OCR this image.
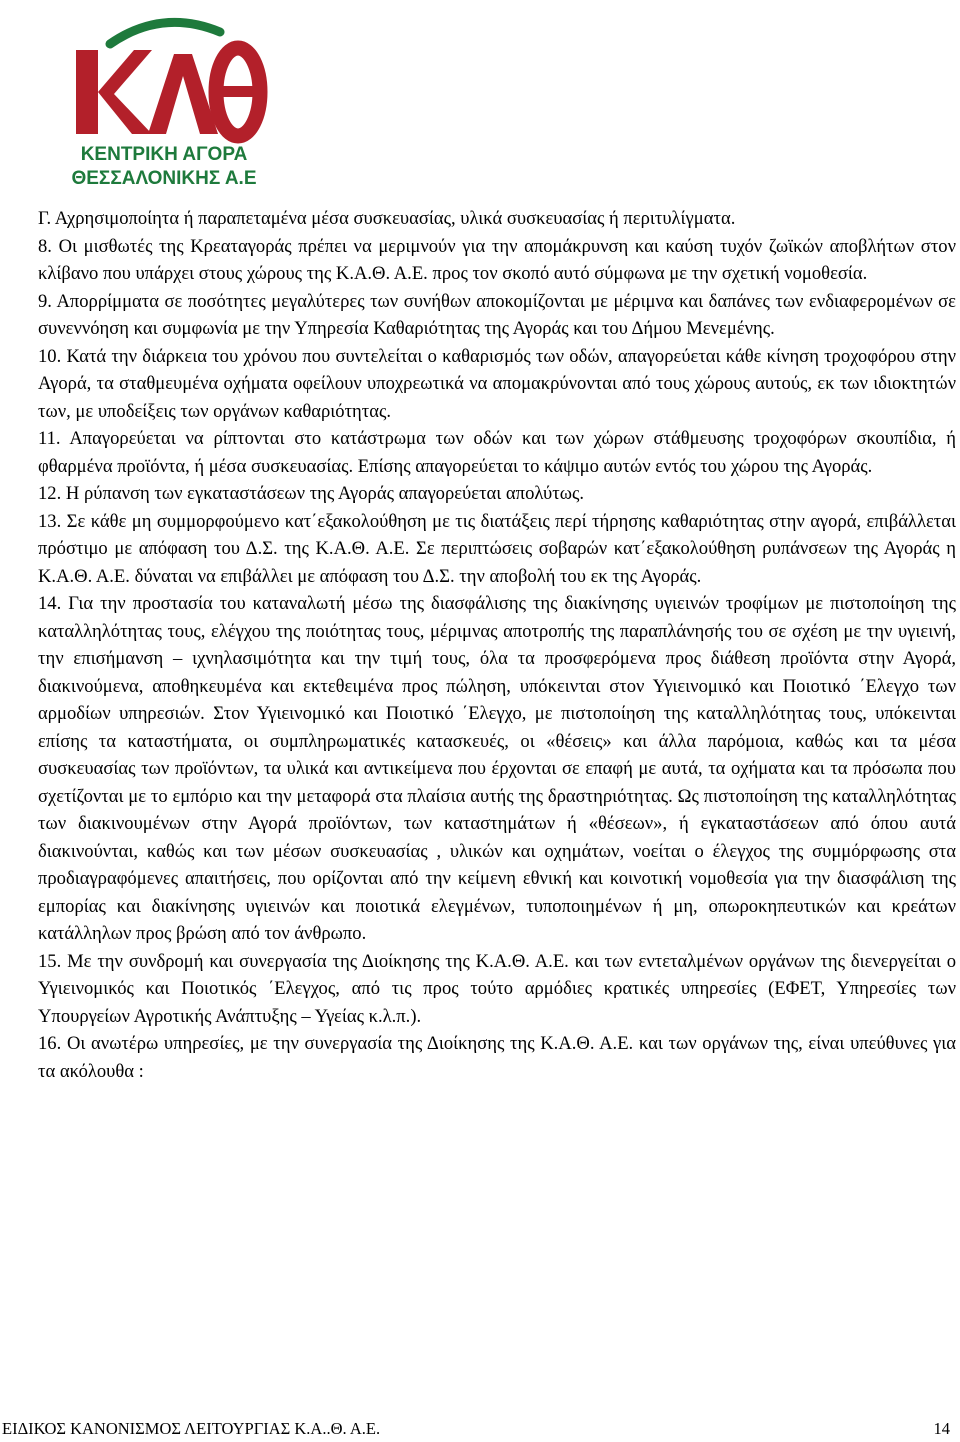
ΚΕΝΤΡΙΚΗ ΑΓΟΡΑ
ΘΕΣΣΑΛΟΝΙΚΗΣ Α.Ε
Γ. Αχρησιμοποίητα ή παραπεταμένα μέσα συσκευασίας, υλικά συσκευασίας ή περιτυλίγματα.
8. Οι μισθωτές της Κρεαταγοράς πρέπει να μεριμνούν για την απομάκρυνση και καύση τυχόν ζωϊκών αποβλήτων στον κλίβανο που υπάρχει στους χώρους της Κ.Α.Θ. Α.Ε. προς τον σκοπό αυτό σύμφωνα με την σχετική νομοθεσία.
9. Απορρίμματα σε ποσότητες μεγαλύτερες των συνήθων αποκομίζονται με μέριμνα και δαπάνες των ενδιαφερομένων σε συνεννόηση και συμφωνία με την Υπηρεσία Καθαριότητας της Αγοράς και του Δήμου Μενεμένης.
10. Κατά την διάρκεια του χρόνου που συντελείται ο καθαρισμός των οδών, απαγορεύεται κάθε κίνηση τροχοφόρου στην Αγορά, τα σταθμευμένα οχήματα οφείλουν υποχρεωτικά να απομακρύνονται από τους χώρους αυτούς, εκ των ιδιοκτητών των, με υποδείξεις των οργάνων καθαριότητας.
11. Απαγορεύεται να ρίπτονται στο κατάστρωμα των οδών και των χώρων στάθμευσης τροχοφόρων σκουπίδια, ή φθαρμένα προϊόντα, ή μέσα συσκευασίας. Επίσης απαγορεύεται το κάψιμο αυτών εντός του χώρου της Αγοράς.
12. Η ρύπανση των εγκαταστάσεων της Αγοράς απαγορεύεται απολύτως.
13. Σε κάθε μη συμμορφούμενο κατ΄εξακολούθηση με τις διατάξεις περί τήρησης καθαριότητας στην αγορά, επιβάλλεται πρόστιμο με απόφαση του Δ.Σ. της Κ.Α.Θ. Α.Ε. Σε περιπτώσεις σοβαρών κατ΄εξακολούθηση ρυπάνσεων της Αγοράς η Κ.Α.Θ. Α.Ε. δύναται να επιβάλλει με απόφαση του Δ.Σ. την αποβολή του εκ της Αγοράς.
14. Για την προστασία του καταναλωτή μέσω της διασφάλισης της διακίνησης υγιεινών τροφίμων με πιστοποίηση της καταλληλότητας τους, ελέγχου της ποιότητας τους, μέριμνας αποτροπής της παραπλάνησής του σε σχέση με την υγιεινή, την επισήμανση – ιχνηλασιμότητα και την τιμή τους, όλα τα προσφερόμενα προς διάθεση προϊόντα στην Αγορά, διακινούμενα, αποθηκευμένα και εκτεθειμένα προς πώληση, υπόκεινται στον Υγιεινομικό και Ποιοτικό ΄Ελεγχο των αρμοδίων υπηρεσιών. Στον Υγιεινομικό και Ποιοτικό ΄Ελεγχο, με πιστοποίηση της καταλληλότητας τους, υπόκεινται επίσης τα καταστήματα, οι συμπληρωματικές κατασκευές, οι «θέσεις» και άλλα παρόμοια, καθώς και τα μέσα συσκευασίας των προϊόντων, τα υλικά και αντικείμενα που έρχονται σε επαφή με αυτά, τα οχήματα και τα πρόσωπα που σχετίζονται με το εμπόριο και την μεταφορά στα πλαίσια αυτής της δραστηριότητας. Ως πιστοποίηση της καταλληλότητας των διακινουμένων στην Αγορά προϊόντων, των καταστημάτων ή «θέσεων», ή εγκαταστάσεων από όπου αυτά διακινούνται, καθώς και των μέσων συσκευασίας , υλικών και οχημάτων, νοείται ο έλεγχος της συμμόρφωσης στα προδιαγραφόμενες απαιτήσεις, που ορίζονται από την κείμενη εθνική και κοινοτική νομοθεσία για την διασφάλιση της εμπορίας και διακίνησης υγιεινών και ποιοτικά ελεγμένων, τυποποιημένων ή μη, οπωροκηπευτικών και κρεάτων κατάλληλων προς βρώση από τον άνθρωπο.
15. Με την συνδρομή και συνεργασία της Διοίκησης της Κ.Α.Θ. Α.Ε. και των εντεταλμένων οργάνων της διενεργείται ο Υγιεινομικός και Ποιοτικός ΄Ελεγχος, από τις προς τούτο αρμόδιες κρατικές υπηρεσίες (ΕΦΕΤ, Υπηρεσίες των Υπουργείων Αγροτικής Ανάπτυξης – Υγείας κ.λ.π.).
16. Οι ανωτέρω υπηρεσίες, με την συνεργασία της Διοίκησης της Κ.Α.Θ. Α.Ε. και των οργάνων της, είναι υπεύθυνες για τα ακόλουθα :
ΕΙΔΙΚΟΣ ΚΑΝΟΝΙΣΜΟΣ ΛΕΙΤΟΥΡΓΙΑΣ Κ.Α..Θ. Α.Ε.	14
